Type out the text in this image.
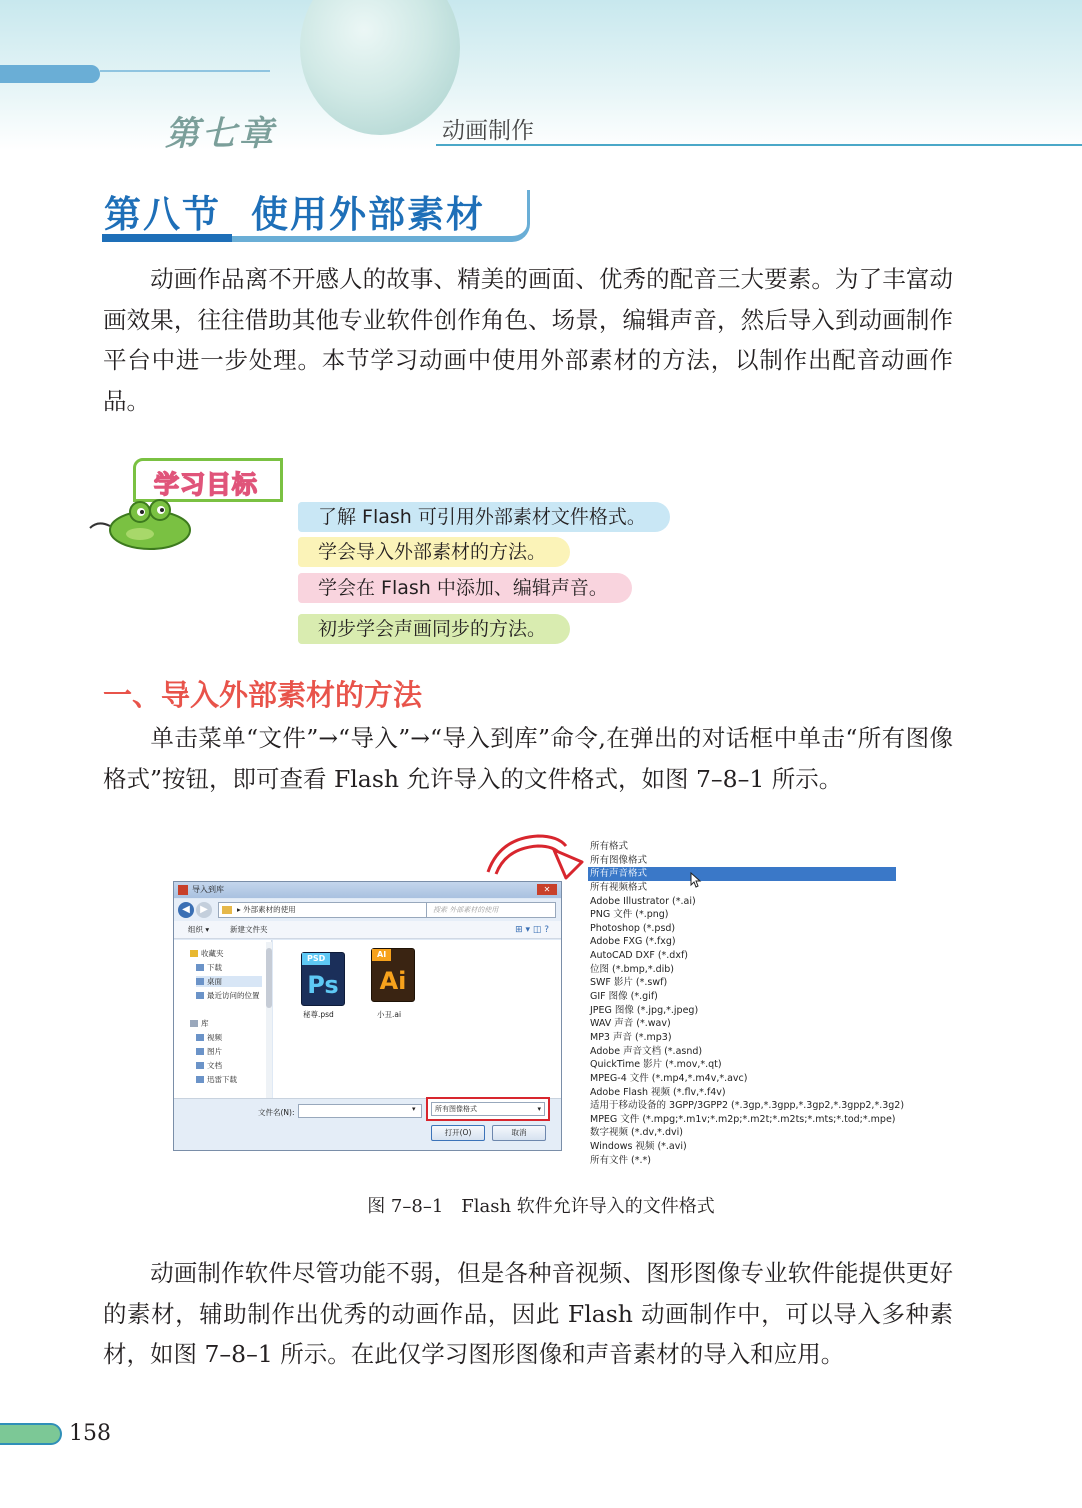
第七章	动画制作
第八节 使用外部素材
动画作品离不开感人的故事、精美的画面、优秀的配音三大要素。为了丰富动画效果，往往借助其他专业软件创作角色、场景，编辑声音，然后导入到动画制作平台中进一步处理。本节学习动画中使用外部素材的方法，以制作出配音动画作品。
学习目标
了解 Flash 可引用外部素材文件格式。
学会导入外部素材的方法。
学会在 Flash 中添加、编辑声音。
初步学会声画同步的方法。
一、导入外部素材的方法
单击菜单“文件”→“导入”→“导入到库”命令,在弹出的对话框中单击“所有图像格式”按钮，即可查看 Flash 允许导入的文件格式，如图 7–8–1 所示。
导入到库	✕
◀	▶	▸ 外部素材的使用	搜索 外部素材的使用
组织 ▾	新建文件夹	⊞ ▾ ◫ ?
收藏夹
下载
桌面
最近访问的位置
库
视频
图片
文档
迅雷下载
PSD
Ps
秘尊.psd
AI
Ai
小丑.ai
文件名(N):	▾	所有图像格式	▾
打开(O)	取消
所有格式
所有图像格式
所有声音格式
所有视频格式
Adobe Illustrator (*.ai)
PNG 文件 (*.png)
Photoshop (*.psd)
Adobe FXG (*.fxg)
AutoCAD DXF (*.dxf)
位图 (*.bmp,*.dib)
SWF 影片 (*.swf)
GIF 图像 (*.gif)
JPEG 图像 (*.jpg,*.jpeg)
WAV 声音 (*.wav)
MP3 声音 (*.mp3)
Adobe 声音文档 (*.asnd)
QuickTime 影片 (*.mov,*.qt)
MPEG-4 文件 (*.mp4,*.m4v,*.avc)
Adobe Flash 视频 (*.flv,*.f4v)
适用于移动设备的 3GPP/3GPP2 (*.3gp,*.3gpp,*.3gp2,*.3gpp2,*.3g2)
MPEG 文件 (*.mpg;*.m1v;*.m2p;*.m2t;*.m2ts;*.mts;*.tod;*.mpe)
数字视频 (*.dv,*.dvi)
Windows 视频 (*.avi)
所有文件 (*.*)
图 7–8–1　Flash 软件允许导入的文件格式
动画制作软件尽管功能不弱，但是各种音视频、图形图像专业软件能提供更好的素材，辅助制作出优秀的动画作品，因此 Flash 动画制作中，可以导入多种素材，如图 7–8–1 所示。在此仅学习图形图像和声音素材的导入和应用。
158
